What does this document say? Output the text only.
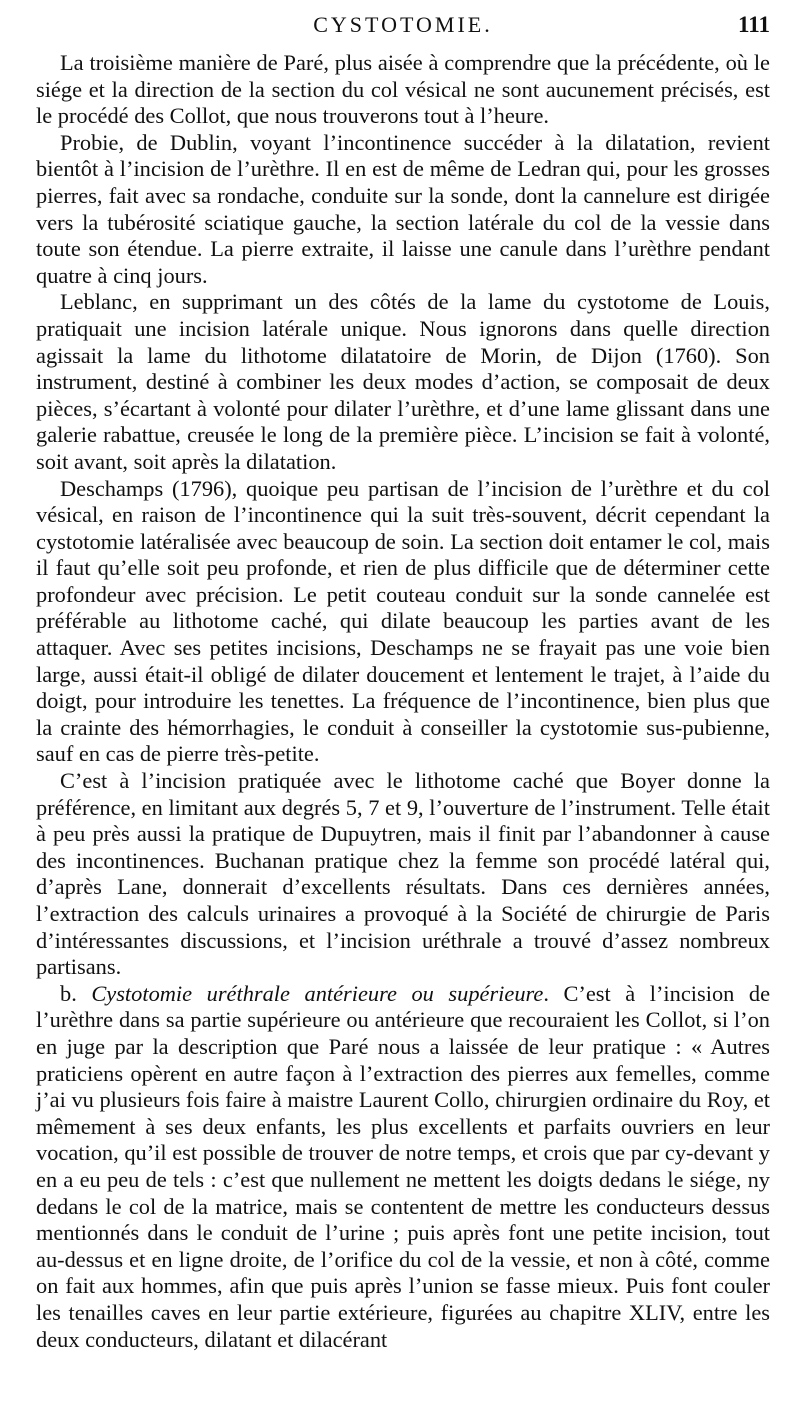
CYSTOTOMIE.	111

La troisième manière de Paré, plus aisée à comprendre que la précédente, où le siége et la direction de la section du col vésical ne sont aucunement précisés, est le procédé des Collot, que nous trouverons tout à l’heure.

Probie, de Dublin, voyant l’incontinence succéder à la dilatation, revient bientôt à l’incision de l’urèthre. Il en est de même de Ledran qui, pour les grosses pierres, fait avec sa rondache, conduite sur la sonde, dont la cannelure est dirigée vers la tubérosité sciatique gauche, la section latérale du col de la vessie dans toute son étendue. La pierre extraite, il laisse une canule dans l’urèthre pendant quatre à cinq jours.

Leblanc, en supprimant un des côtés de la lame du cystotome de Louis, pratiquait une incision latérale unique. Nous ignorons dans quelle direction agissait la lame du lithotome dilatatoire de Morin, de Dijon (1760). Son instrument, destiné à combiner les deux modes d’action, se composait de deux pièces, s’écartant à volonté pour dilater l’urèthre, et d’une lame glissant dans une galerie rabattue, creusée le long de la première pièce. L’incision se fait à volonté, soit avant, soit après la dilatation.

Deschamps (1796), quoique peu partisan de l’incision de l’urèthre et du col vésical, en raison de l’incontinence qui la suit très-souvent, décrit cependant la cystotomie latéralisée avec beaucoup de soin. La section doit entamer le col, mais il faut qu’elle soit peu profonde, et rien de plus difficile que de déterminer cette profondeur avec précision. Le petit couteau conduit sur la sonde cannelée est préférable au lithotome caché, qui dilate beaucoup les parties avant de les attaquer. Avec ses petites incisions, Deschamps ne se frayait pas une voie bien large, aussi était-il obligé de dilater doucement et lentement le trajet, à l’aide du doigt, pour introduire les tenettes. La fréquence de l’incontinence, bien plus que la crainte des hémorrhagies, le conduit à conseiller la cystotomie sus-pubienne, sauf en cas de pierre très-petite.

C’est à l’incision pratiquée avec le lithotome caché que Boyer donne la préférence, en limitant aux degrés 5, 7 et 9, l’ouverture de l’instrument. Telle était à peu près aussi la pratique de Dupuytren, mais il finit par l’abandonner à cause des incontinences. Buchanan pratique chez la femme son procédé latéral qui, d’après Lane, donnerait d’excellents résultats. Dans ces dernières années, l’extraction des calculs urinaires a provoqué à la Société de chirurgie de Paris d’intéressantes discussions, et l’incision uréthrale a trouvé d’assez nombreux partisans.

b. Cystotomie uréthrale antérieure ou supérieure. C’est à l’incision de l’urèthre dans sa partie supérieure ou antérieure que recouraient les Collot, si l’on en juge par la description que Paré nous a laissée de leur pratique : « Autres praticiens opèrent en autre façon à l’extraction des pierres aux femelles, comme j’ai vu plusieurs fois faire à maistre Laurent Collo, chirurgien ordinaire du Roy, et mêmement à ses deux enfants, les plus excellents et parfaits ouvriers en leur vocation, qu’il est possible de trouver de notre temps, et crois que par cy-devant y en a eu peu de tels : c’est que nullement ne mettent les doigts dedans le siége, ny dedans le col de la matrice, mais se contentent de mettre les conducteurs dessus mentionnés dans le conduit de l’urine ; puis après font une petite incision, tout au-dessus et en ligne droite, de l’orifice du col de la vessie, et non à côté, comme on fait aux hommes, afin que puis après l’union se fasse mieux. Puis font couler les tenailles caves en leur partie extérieure, figurées au chapitre XLIV, entre les deux conducteurs, dilatant et dilacérant
